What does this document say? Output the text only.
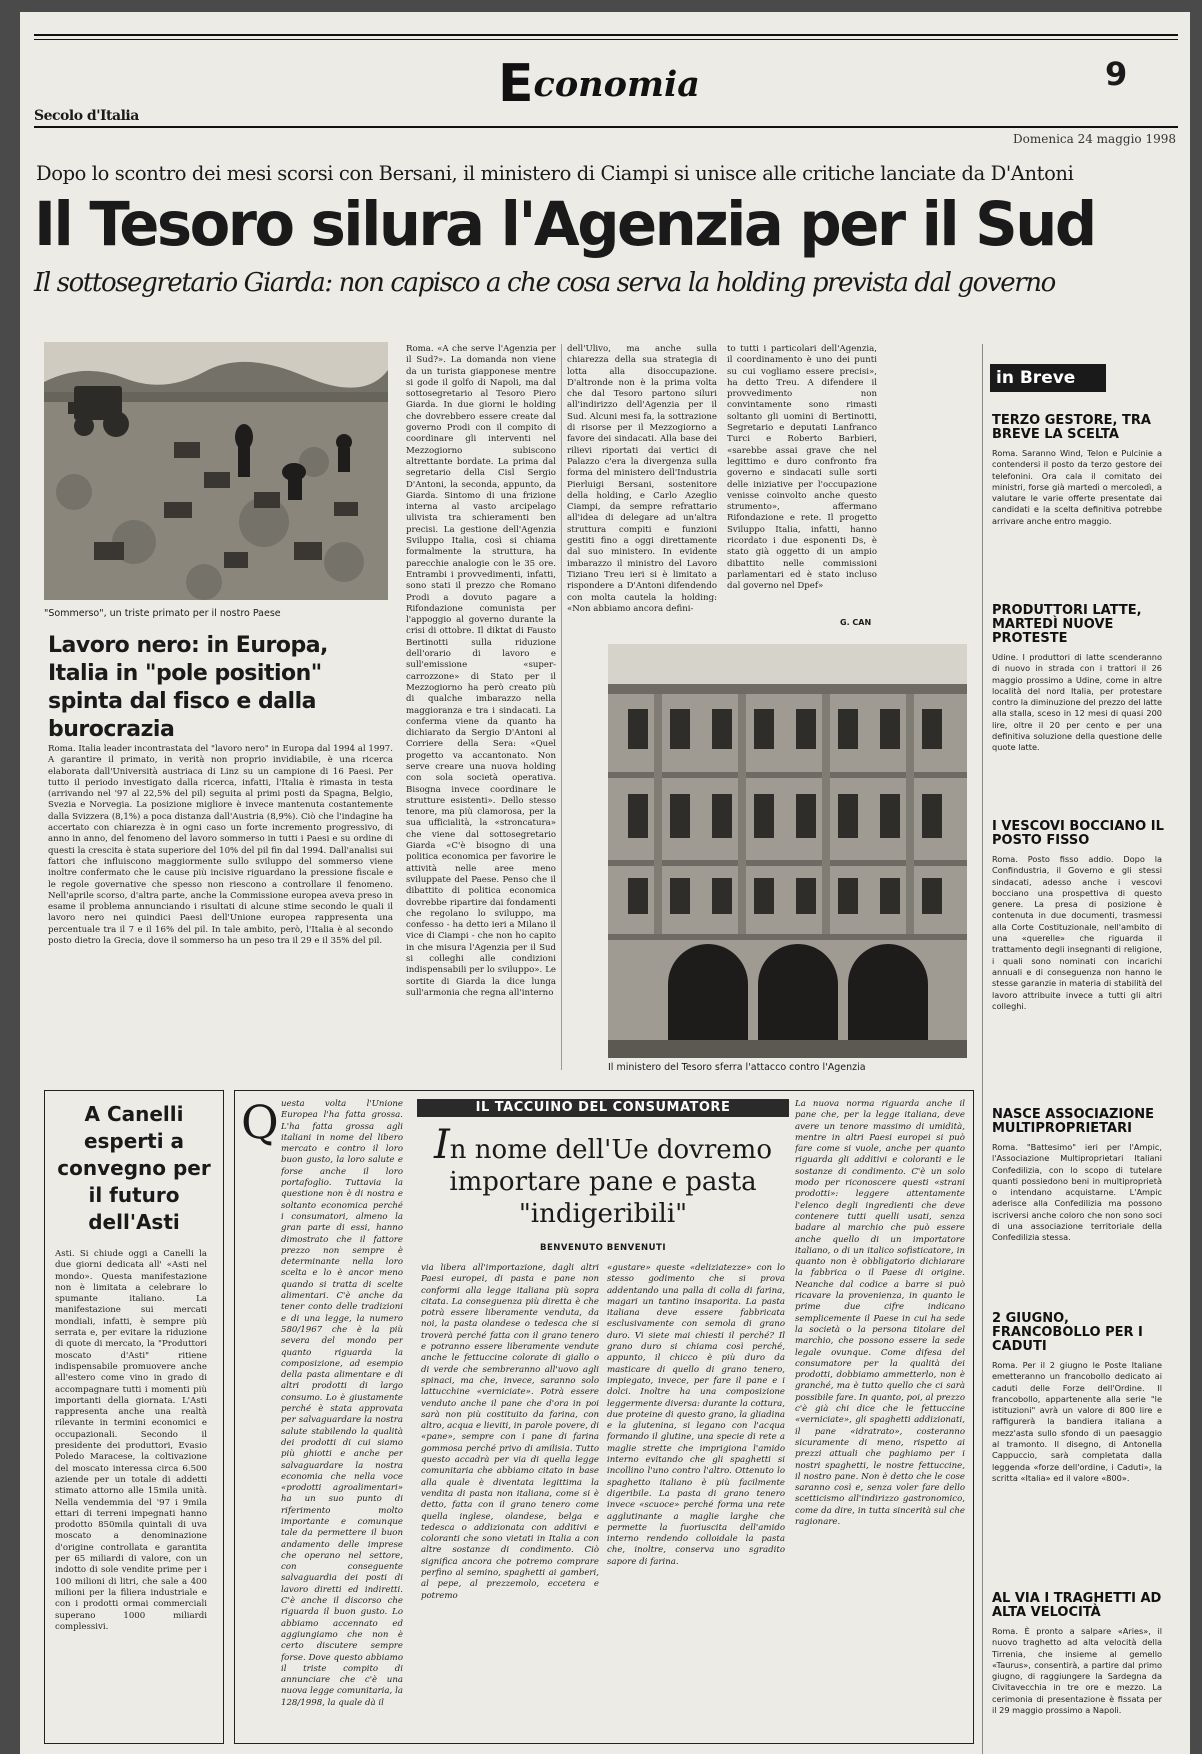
Economia
Secolo d'Italia
9
Domenica 24 maggio 1998
Dopo lo scontro dei mesi scorsi con Bersani, il ministero di Ciampi si unisce alle critiche lanciate da D'Antoni
Il Tesoro silura l'Agenzia per il Sud
Il sottosegretario Giarda: non capisco a che cosa serva la holding prevista dal governo
"Sommerso", un triste primato per il nostro Paese
Lavoro nero: in Europa, Italia in "pole position" spinta dal fisco e dalla burocrazia
Roma. Italia leader incontrastata del "lavoro nero" in Europa dal 1994 al 1997. A garantire il primato, in verità non proprio invidiabile, è una ricerca elaborata dall'Università austriaca di Linz su un campione di 16 Paesi. Per tutto il periodo investigato dalla ricerca, infatti, l'Italia è rimasta in testa (arrivando nel '97 al 22,5% del pil) seguita al primi posti da Spagna, Belgio, Svezia e Norvegia. La posizione migliore è invece mantenuta costantemente dalla Svizzera (8,1%) a poca distanza dall'Austria (8,9%). Ciò che l'indagine ha accertato con chiarezza è in ogni caso un forte incremento progressivo, di anno in anno, del fenomeno del lavoro sommerso in tutti i Paesi e su ordine di questi la crescita è stata superiore del 10% del pil fin dal 1994. Dall'analisi sui fattori che influiscono maggiormente sullo sviluppo del sommerso viene inoltre confermato che le cause più incisive riguardano la pressione fiscale e le regole governative che spesso non riescono a controllare il fenomeno. Nell'aprile scorso, d'altra parte, anche la Commissione europea aveva preso in esame il problema annunciando i risultati di alcune stime secondo le quali il lavoro nero nei quindici Paesi dell'Unione europea rappresenta una percentuale tra il 7 e il 16% del pil. In tale ambito, però, l'Italia è al secondo posto dietro la Grecia, dove il sommerso ha un peso tra il 29 e il 35% del pil.
Roma. «A che serve l'Agenzia per il Sud?». La domanda non viene da un turista giapponese mentre si gode il golfo di Napoli, ma dal sottosegretario al Tesoro Piero Giarda. In due giorni le holding che dovrebbero essere create dal governo Prodi con il compito di coordinare gli interventi nel Mezzogiorno subiscono altrettante bordate. La prima dal segretario della Cisl Sergio D'Antoni, la seconda, appunto, da Giarda. Sintomo di una frizione interna al vasto arcipelago ulivista tra schieramenti ben precisi. La gestione dell'Agenzia Sviluppo Italia, così si chiama formalmente la struttura, ha parecchie analogie con le 35 ore. Entrambi i provvedimenti, infatti, sono stati il prezzo che Romano Prodi a dovuto pagare a Rifondazione comunista per l'appoggio al governo durante la crisi di ottobre. Il diktat di Fausto Bertinotti sulla riduzione dell'orario di lavoro e sull'emissione «super-carrozzone» di Stato per il Mezzogiorno ha però creato più di qualche imbarazzo nella maggioranza e tra i sindacati. La conferma viene da quanto ha dichiarato da Sergio D'Antoni al Corriere della Sera: «Quel progetto va accantonato. Non serve creare una nuova holding con sola società operativa. Bisogna invece coordinare le strutture esistenti». Dello stesso tenore, ma più clamorosa, per la sua ufficialità, la «stroncatura» che viene dal sottosegretario Giarda «C'è bisogno di una politica economica per favorire le attività nelle aree meno sviluppate del Paese. Penso che il dibattito di politica economica dovrebbe ripartire dai fondamenti che regolano lo sviluppo, ma confesso - ha detto ieri a Milano il vice di Ciampi - che non ho capito in che misura l'Agenzia per il Sud si colleghi alle condizioni indispensabili per lo sviluppo». Le sortite di Giarda la dice lunga sull'armonia che regna all'interno
dell'Ulivo, ma anche sulla chiarezza della sua strategia di lotta alla disoccupazione. D'altronde non è la prima volta che dal Tesoro partono siluri all'indirizzo dell'Agenzia per il Sud. Alcuni mesi fa, la sottrazione di risorse per il Mezzogiorno a favore dei sindacati. Alla base dei rilievi riportati dai vertici di Palazzo c'era la divergenza sulla forma del ministero dell'Industria Pierluigi Bersani, sostenitore della holding, e Carlo Azeglio Ciampi, da sempre refrattario all'idea di delegare ad un'altra struttura compiti e funzioni gestiti fino a oggi direttamente dal suo ministero. In evidente imbarazzo il ministro del Lavoro Tiziano Treu ieri si è limitato a rispondere a D'Antoni difendendo con molta cautela la holding: «Non abbiamo ancora defini-
to tutti i particolari dell'Agenzia, il coordinamento è uno dei punti su cui vogliamo essere precisi», ha detto Treu. A difendere il provvedimento non convintamente sono rimasti soltanto gli uomini di Bertinotti, Segretario e deputati Lanfranco Turci e Roberto Barbieri, «sarebbe assai grave che nel legittimo e duro confronto fra governo e sindacati sulle sorti delle iniziative per l'occupazione venisse coinvolto anche questo strumento», affermano Rifondazione e rete. Il progetto Sviluppo Italia, infatti, hanno ricordato i due esponenti Ds, è stato già oggetto di un ampio dibattito nelle commissioni parlamentari ed è stato incluso dal governo nel Dpef»
G. CAN
Il ministero del Tesoro sferra l'attacco contro l'Agenzia
in Breve
TERZO GESTORE, TRA BREVE LA SCELTA
Roma. Saranno Wind, Telon e Pulcinie a contendersi il posto da terzo gestore dei telefonini. Ora cala il comitato dei ministri, forse già martedì o mercoledì, a valutare le varie offerte presentate dai candidati e la scelta definitiva potrebbe arrivare anche entro maggio.
PRODUTTORI LATTE, MARTEDÌ NUOVE PROTESTE
Udine. I produttori di latte scenderanno di nuovo in strada con i trattori il 26 maggio prossimo a Udine, come in altre località del nord Italia, per protestare contro la diminuzione del prezzo del latte alla stalla, sceso in 12 mesi di quasi 200 lire, oltre il 20 per cento e per una definitiva soluzione della questione delle quote latte.
I VESCOVI BOCCIANO IL POSTO FISSO
Roma. Posto fisso addio. Dopo la Confindustria, il Governo e gli stessi sindacati, adesso anche i vescovi bocciano una prospettiva di questo genere. La presa di posizione è contenuta in due documenti, trasmessi alla Corte Costituzionale, nell'ambito di una «querelle» che riguarda il trattamento degli insegnanti di religione, i quali sono nominati con incarichi annuali e di conseguenza non hanno le stesse garanzie in materia di stabilità del lavoro attribuite invece a tutti gli altri colleghi.
NASCE ASSOCIAZIONE MULTIPROPRIETARI
Roma. "Battesimo" ieri per l'Ampic, l'Associazione Multiproprietari Italiani Confedilizia, con lo scopo di tutelare quanti possiedono beni in multiproprietà o intendano acquistarne. L'Ampic aderisce alla Confedilizia ma possono iscriversi anche coloro che non sono soci di una associazione territoriale della Confedilizia stessa.
2 GIUGNO, FRANCOBOLLO PER I CADUTI
Roma. Per il 2 giugno le Poste Italiane emetteranno un francobollo dedicato ai caduti delle Forze dell'Ordine. Il francobollo, appartenente alla serie "le istituzioni" avrà un valore di 800 lire e raffigurerà la bandiera italiana a mezz'asta sullo sfondo di un paesaggio al tramonto. Il disegno, di Antonella Cappuccio, sarà completata dalla leggenda «forze dell'ordine, i Caduti», la scritta «Italia» ed il valore «800».
AL VIA I TRAGHETTI AD ALTA VELOCITÀ
Roma. È pronto a salpare «Aries», il nuovo traghetto ad alta velocità della Tirrenia, che insieme al gemello «Taurus», consentirà, a partire dal primo giugno, di raggiungere la Sardegna da Civitavecchia in tre ore e mezzo. La cerimonia di presentazione è fissata per il 29 maggio prossimo a Napoli.
A Canelli esperti a convegno per il futuro dell'Asti
Asti. Si chiude oggi a Canelli la due giorni dedicata all' «Asti nel mondo». Questa manifestazione non è limitata a celebrare lo spumante italiano. La manifestazione sui mercati mondiali, infatti, è sempre più serrata e, per evitare la riduzione di quote di mercato, la "Produttori moscato d'Asti" ritiene indispensabile promuovere anche all'estero come vino in grado di accompagnare tutti i momenti più importanti della giornata. L'Asti rappresenta anche una realtà rilevante in termini economici e occupazionali. Secondo il presidente dei produttori, Evasio Poledo Maracese, la coltivazione del moscato interessa circa 6.500 aziende per un totale di addetti stimato attorno alle 15mila unità. Nella vendemmia del '97 i 9mila ettari di terreni impegnati hanno prodotto 850mila quintali di uva moscato a denominazione d'origine controllata e garantita per 65 miliardi di valore, con un indotto di sole vendite prime per i 100 milioni di litri, che sale a 400 milioni per la filiera industriale e con i prodotti ormai commerciali superano 1000 miliardi complessivi.
Q uesta volta l'Unione Europea l'ha fatta grossa. L'ha fatta grossa agli italiani in nome del libero mercato e contro il loro buon gusto, la loro salute e forse anche il loro portafoglio. Tuttavia la questione non è di nostra e soltanto economica perché i consumatori, almeno la gran parte di essi, hanno dimostrato che il fattore prezzo non sempre è determinante nella loro scelta e lo è ancor meno quando si tratta di scelte alimentari. C'è anche da tener conto delle tradizioni e di una legge, la numero 580/1967 che è la più severa del mondo per quanto riguarda la composizione, ad esempio della pasta alimentare e di altri prodotti di largo consumo. Lo è giustamente perché è stata approvata per salvaguardare la nostra salute stabilendo la qualità dei prodotti di cui siamo più ghiotti e anche per salvaguardare la nostra economia che nella voce «prodotti agroalimentari» ha un suo punto di riferimento molto importante e comunque tale da permettere il buon andamento delle imprese che operano nel settore, con conseguente salvaguardia dei posti di lavoro diretti ed indiretti. C'è anche il discorso che riguarda il buon gusto. Lo abbiamo accennato ed aggiungiamo che non è certo discutere sempre forse. Dove questo abbiamo il triste compito di annunciare che c'è una nuova legge comunitaria, la 128/1998, la quale dà il
IL TACCUINO DEL CONSUMATORE
In nome dell'Ue dovremo importare pane e pasta "indigeribili"
BENVENUTO BENVENUTI
via libera all'importazione, dagli altri Paesi europei, di pasta e pane non conformi alla legge italiana più sopra citata. La conseguenza più diretta è che potrà essere liberamente venduta, da noi, la pasta olandese o tedesca che si troverà perché fatta con il grano tenero e potranno essere liberamente vendute anche le fettuccine colorate di giallo o di verde che sembreranno all'uovo agli spinaci, ma che, invece, saranno solo lattucchine «verniciate». Potrà essere venduto anche il pane che d'ora in poi sarà non più costituito da farina, con altro, acqua e lieviti, in parole povere, di «pane», sempre con i pane di farina gommosa perché privo di amilisia. Tutto questo accadrà per via di quella legge comunitaria che abbiamo citato in base alla quale è diventata legittima la vendita di pasta non italiana, come si è detto, fatta con il grano tenero come quella inglese, olandese, belga e tedesca o addizionata con additivi e coloranti che sono vietati in Italia a con altre sostanze di condimento. Ciò significa ancora che potremo comprare perfino al semino, spaghetti ai gamberi, al pepe, al prezzemolo, eccetera e potremo
«gustare» queste «deliziatezze» con lo stesso godimento che si prova addentando una palla di colla di farina, magari un tantino insaporita. La pasta italiana deve essere fabbricata esclusivamente con semola di grano duro. Vi siete mai chiesti il perché? Il grano duro si chiama così perché, appunto, il chicco è più duro da masticare di quello di grano tenero, impiegato, invece, per fare il pane e i dolci. Inoltre ha una composizione leggermente diversa: durante la cottura, due proteine di questo grano, la gliadina e la glutenina, si legano con l'acqua formando il glutine, una specie di rete a maglie strette che imprigiona l'amido interno evitando che gli spaghetti si incollino l'uno contro l'altro. Ottenuto lo spaghetto italiano è più facilmente digeribile. La pasta di grano tenero invece «scuoce» perché forma una rete agglutinante a maglie larghe che permette la fuoriuscita dell'amido interno rendendo colloidale la pasta che, inoltre, conserva uno sgradito sapore di farina.
La nuova norma riguarda anche il pane che, per la legge italiana, deve avere un tenore massimo di umidità, mentre in altri Paesi europei si può fare come si vuole, anche per quanto riguarda gli additivi e coloranti e le sostanze di condimento. C'è un solo modo per riconoscere questi «strani prodotti»: leggere attentamente l'elenco degli ingredienti che deve contenere tutti quelli usati, senza badare al marchio che può essere anche quello di un importatore italiano, o di un italico sofisticatore, in quanto non è obbligatorio dichiarare la fabbrica o il Paese di origine. Neanche dal codice a barre si può ricavare la provenienza, in quanto le prime due cifre indicano semplicemente il Paese in cui ha sede la società o la persona titolare del marchio, che possono essere la sede legale ovunque. Come difesa del consumatore per la qualità dei prodotti, dobbiamo ammetterlo, non è granché, ma è tutto quello che ci sarà possibile fare. In quanto, poi, al prezzo c'è già chi dice che le fettuccine «verniciate», gli spaghetti addizionati, il pane «idratrato», costeranno sicuramente di meno, rispetto ai prezzi attuali che paghiamo per i nostri spaghetti, le nostre fettuccine, il nostro pane. Non è detto che le cose saranno così e, senza voler fare dello scetticismo all'indirizzo gastronomico, come da dire, in tutta sincerità sul che ragionare.
